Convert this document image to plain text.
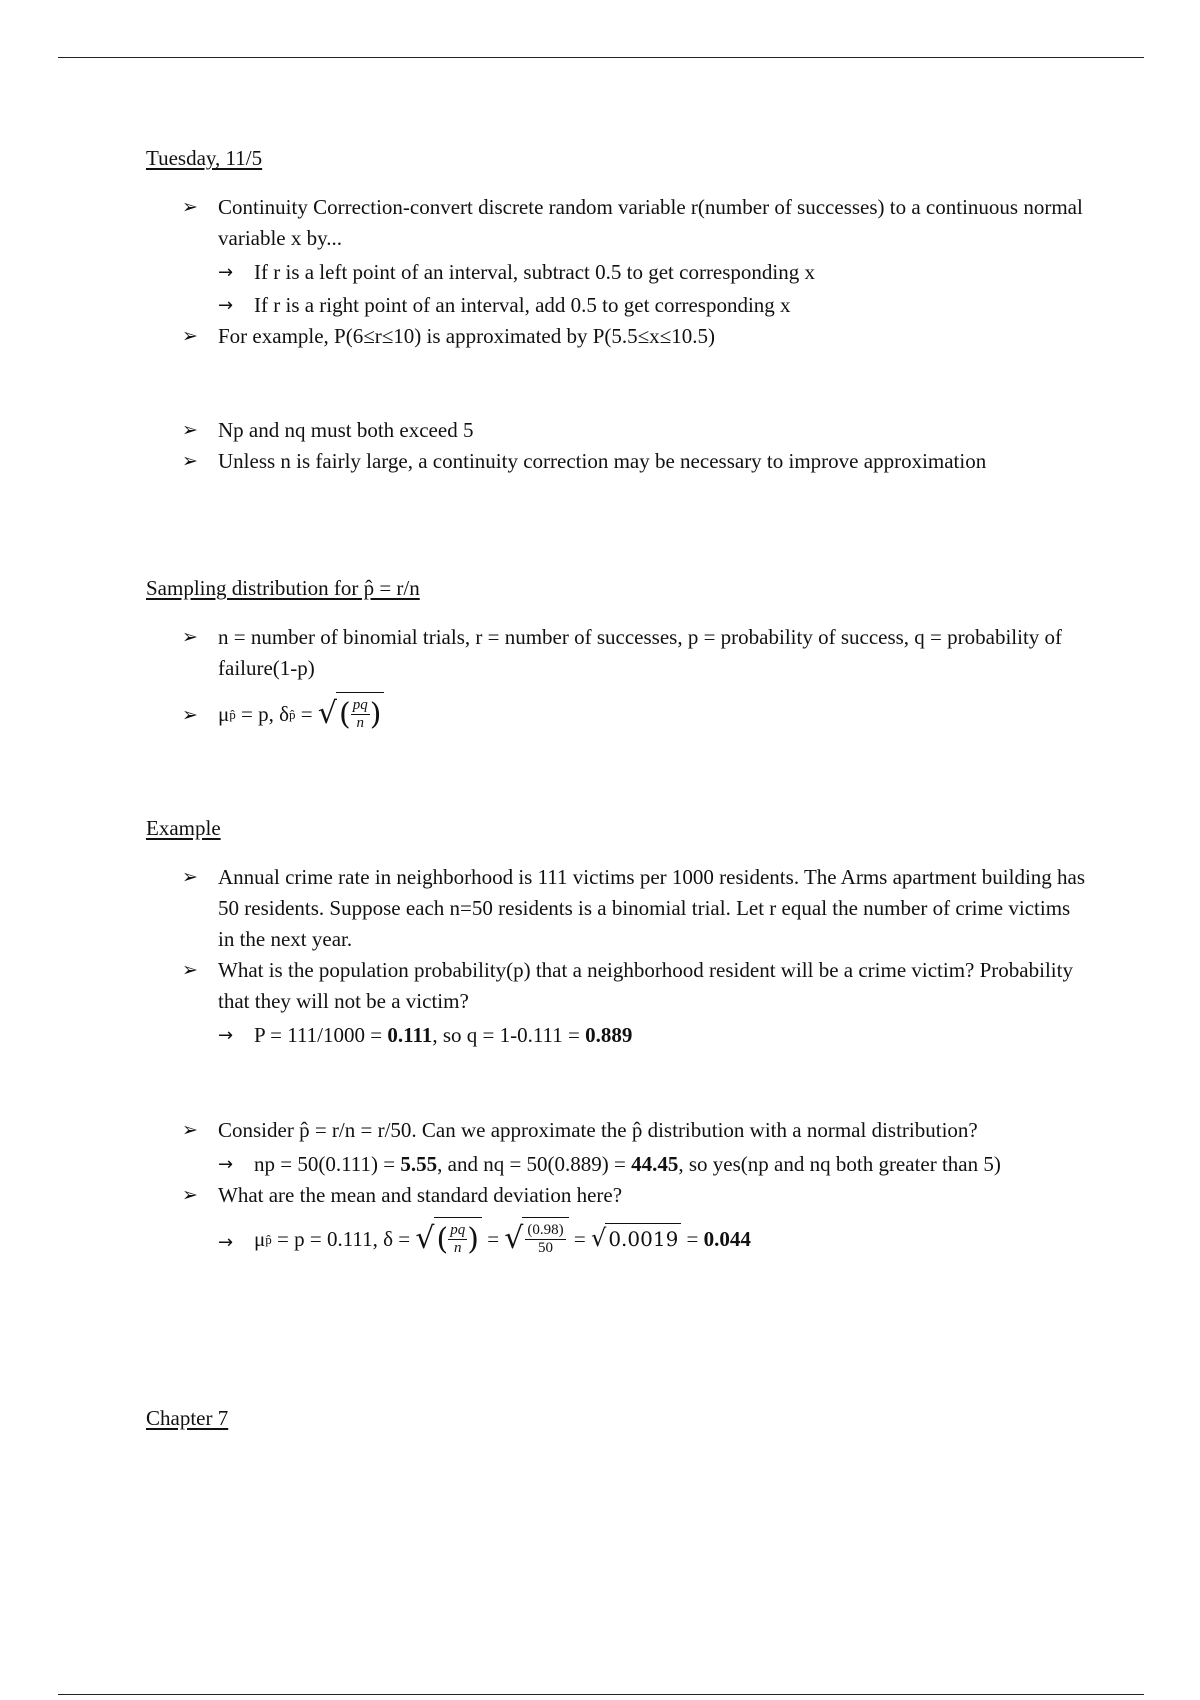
Tuesday, 11/5
➢ Continuity Correction-convert discrete random variable r(number of successes) to a continuous normal variable x by...
→ If r is a left point of an interval, subtract 0.5 to get corresponding x
→ If r is a right point of an interval, add 0.5 to get corresponding x
➢ For example, P(6≤r≤10) is approximated by P(5.5≤x≤10.5)
➢ Np and nq must both exceed 5
➢ Unless n is fairly large, a continuity correction may be necessary to improve approximation
Sampling distribution for p̂ = r/n
➢ n = number of binomial trials, r = number of successes, p = probability of success, q = probability of failure(1-p)
➢ μ p̂ = p, δ p̂ = √ ( $\frac{pq}{n}$ )
Example
➢ Annual crime rate in neighborhood is 111 victims per 1000 residents. The Arms apartment building has 50 residents. Suppose each n=50 residents is a binomial trial. Let r equal the number of crime victims in the next year.
➢ What is the population probability(p) that a neighborhood resident will be a crime victim? Probability that they will not be a victim?
→ P = 111/1000 = 0.111, so q = 1-0.111 = 0.889
➢ Consider p̂ = r/n = r/50. Can we approximate the p̂ distribution with a normal distribution?
→ np = 50(0.111) = 5.55, and nq = 50(0.889) = 44.45, so yes(np and nq both greater than 5)
➢ What are the mean and standard deviation here?
→ μ p̂ = p = 0.111, δ = √ ( $\frac{pq}{n}$ ) = √ $\frac{(0.98)}{50}$ = √ 0.0019 = 0.044
Chapter 7
